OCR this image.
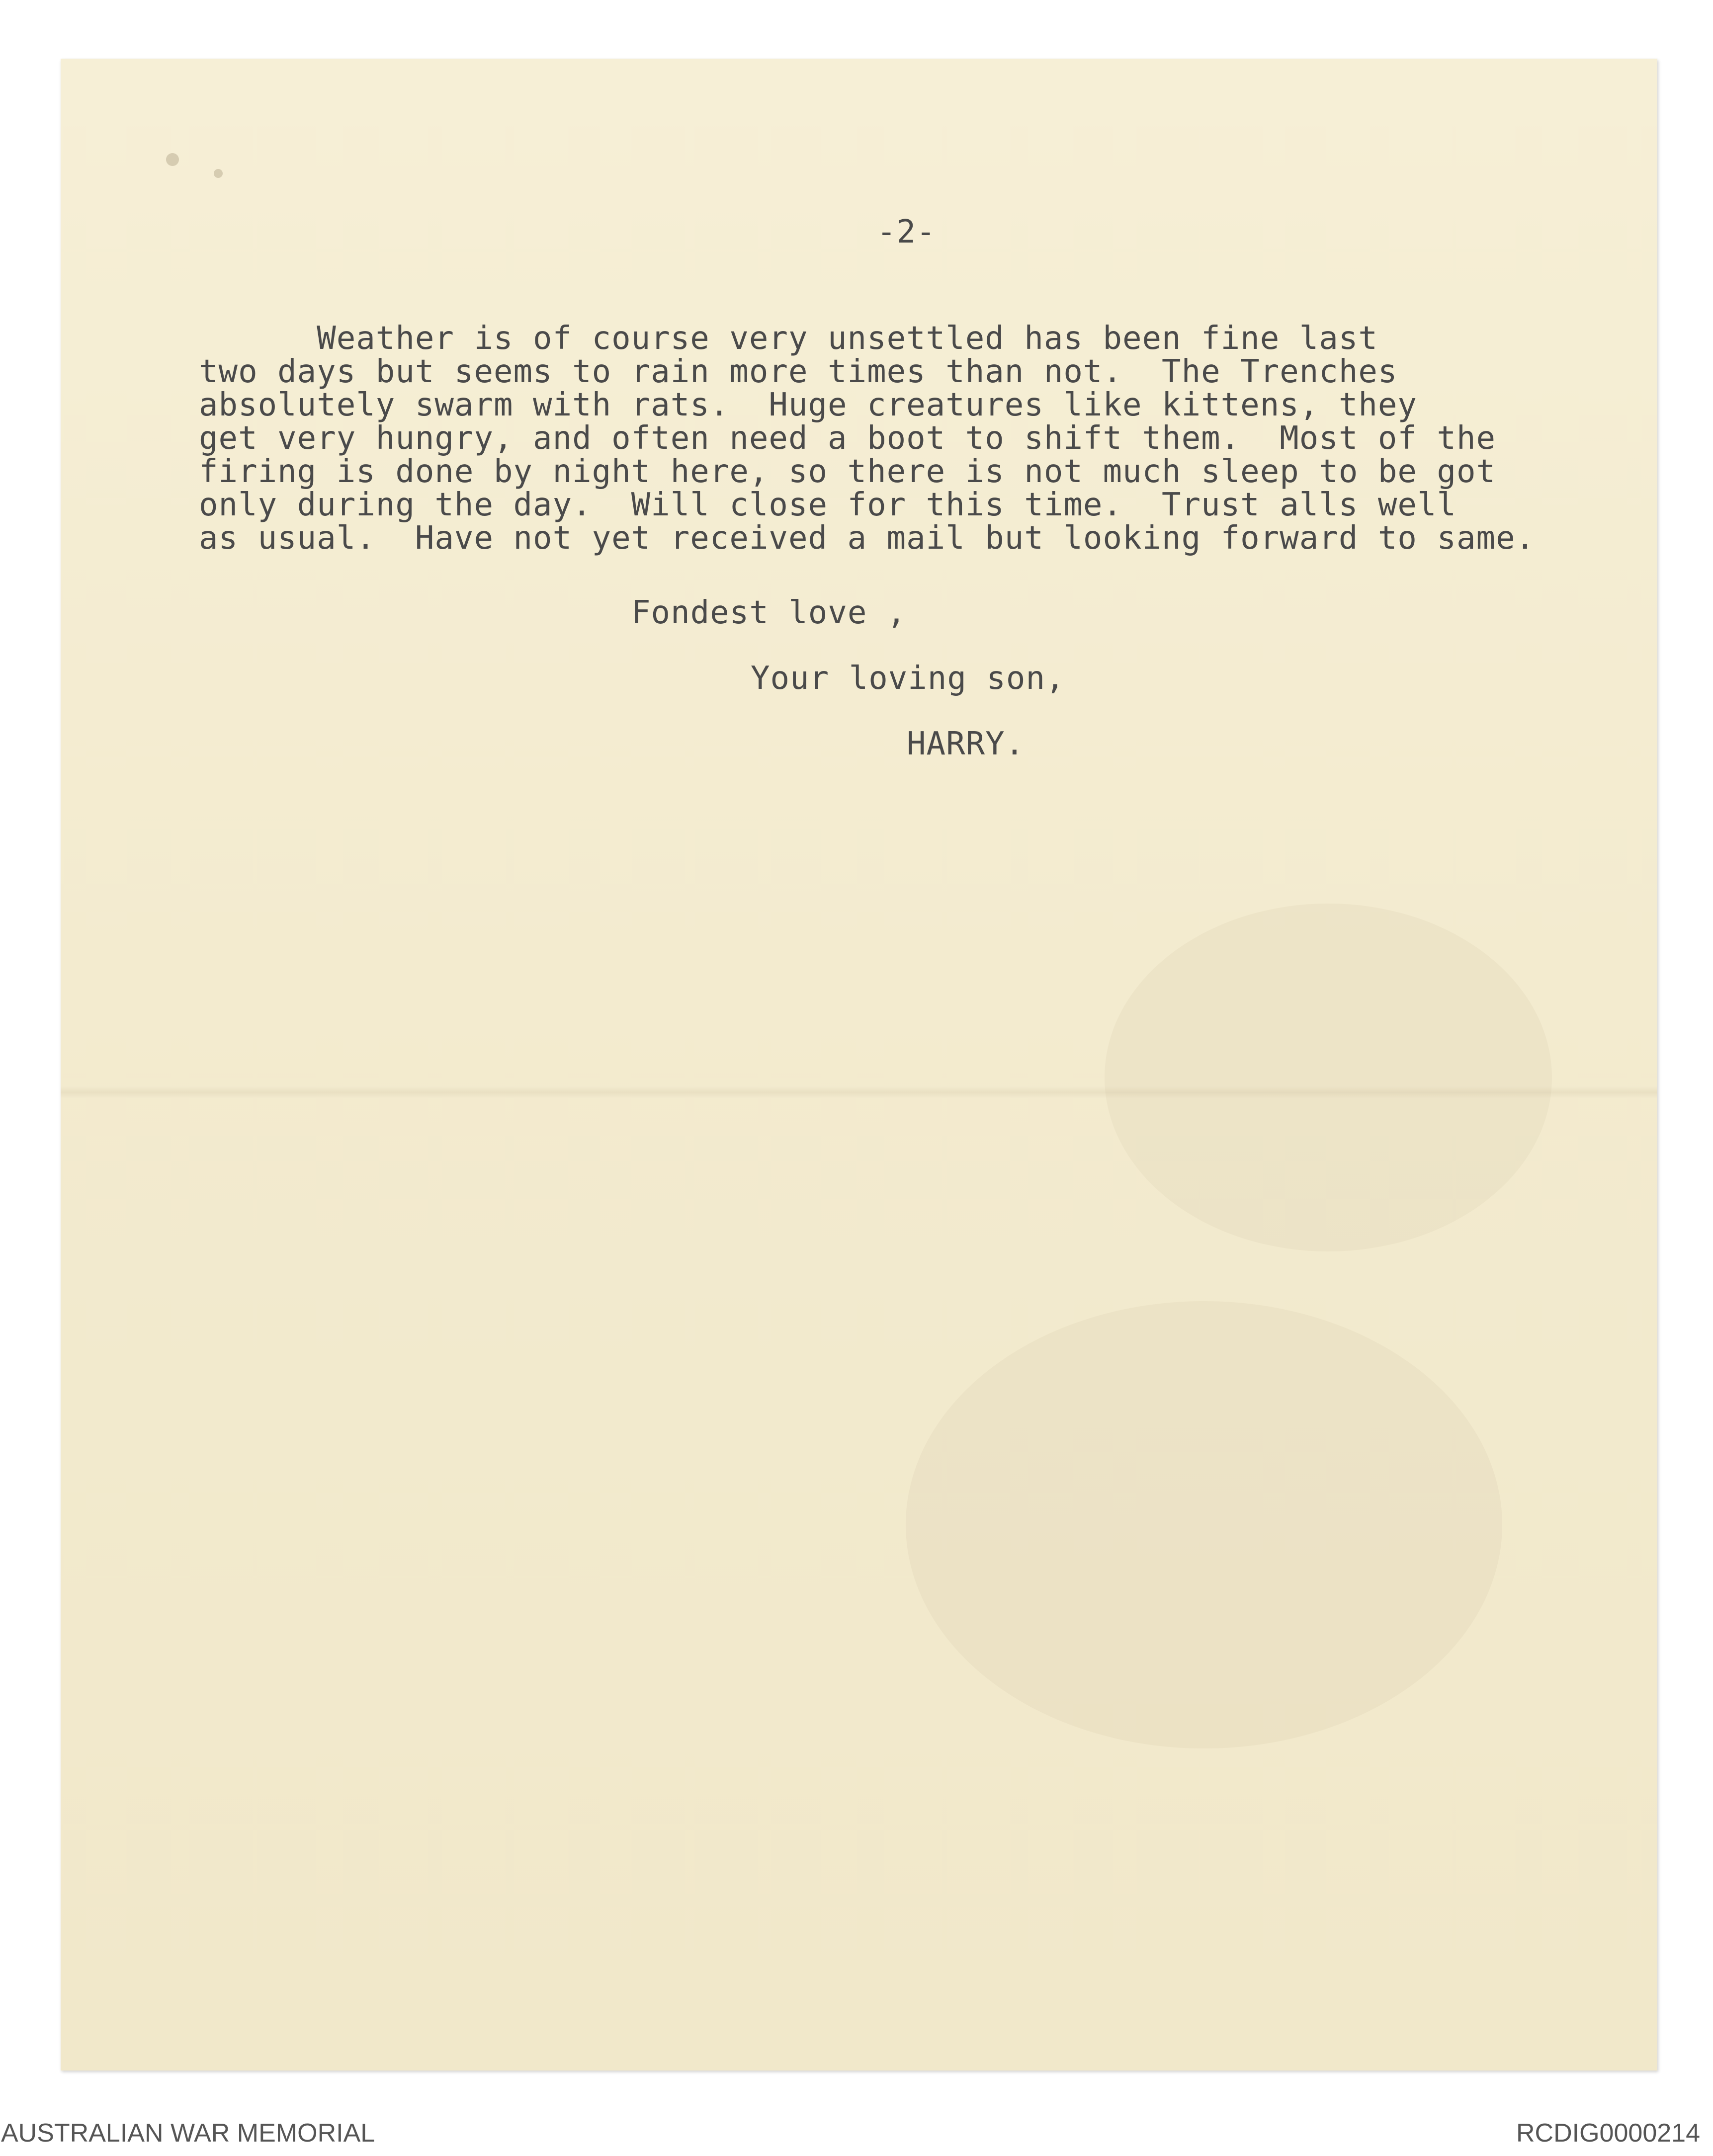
-2-

Weather is of course very unsettled has been fine last
two days but seems to rain more times than not.  The Trenches
absolutely swarm with rats.  Huge creatures like kittens, they
get very hungry, and often need a boot to shift them.  Most of the
firing is done by night here, so there is not much sleep to be got
only during the day.  Will close for this time.  Trust alls well
as usual.  Have not yet received a mail but looking forward to same.

Fondest love ,

Your loving son,

HARRY.

AUSTRALIAN WAR MEMORIAL	RCDIG0000214
